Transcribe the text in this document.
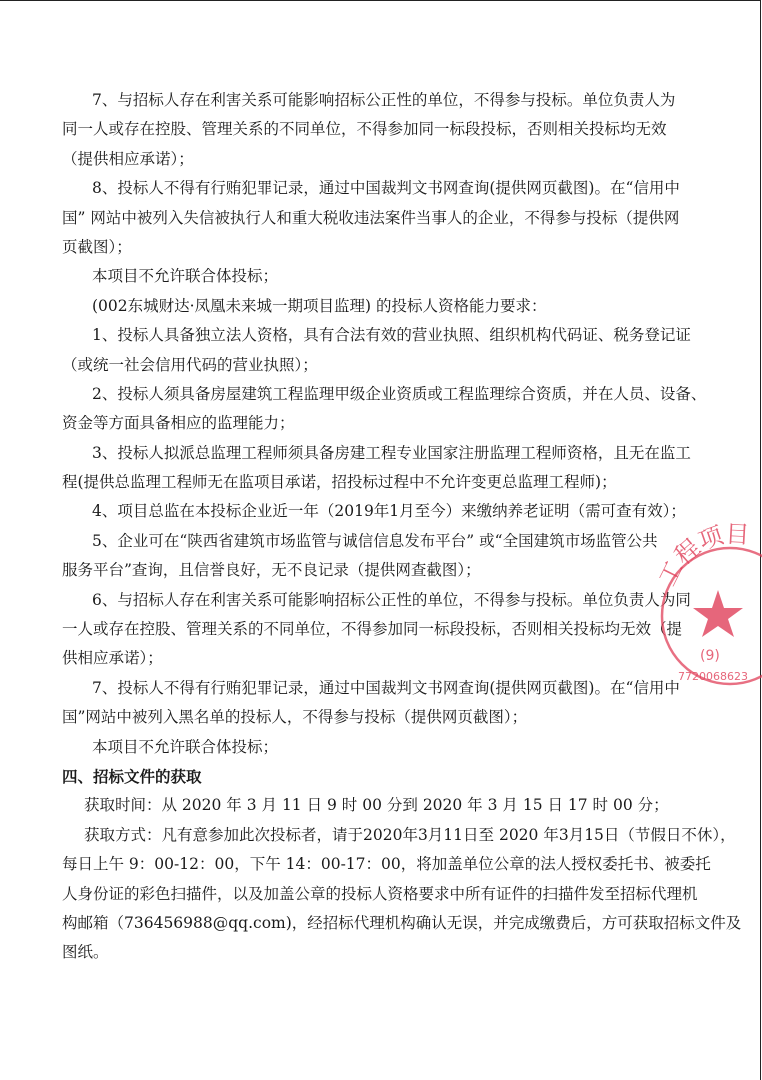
7、与招标人存在利害关系可能影响招标公正性的单位，不得参与投标。单位负责人为
同一人或存在控股、管理关系的不同单位，不得参加同一标段投标，否则相关投标均无效
（提供相应承诺）；
8、投标人不得有行贿犯罪记录，通过中国裁判文书网查询(提供网页截图)。在“信用中
国” 网站中被列入失信被执行人和重大税收违法案件当事人的企业，不得参与投标（提供网
页截图）；
本项目不允许联合体投标；
(002东城财达·凤凰未来城一期项目监理) 的投标人资格能力要求：
1、投标人具备独立法人资格，具有合法有效的营业执照、组织机构代码证、税务登记证
（或统一社会信用代码的营业执照）；
2、投标人须具备房屋建筑工程监理甲级企业资质或工程监理综合资质，并在人员、设备、
资金等方面具备相应的监理能力；
3、投标人拟派总监理工程师须具备房建工程专业国家注册监理工程师资格，且无在监工
程(提供总监理工程师无在监项目承诺，招投标过程中不允许变更总监理工程师)；
4、项目总监在本投标企业近一年（2019年1月至今）来缴纳养老证明（需可查有效）；
5、企业可在“陕西省建筑市场监管与诚信信息发布平台” 或“全国建筑市场监管公共
服务平台”查询，且信誉良好，无不良记录（提供网查截图）；
6、与招标人存在利害关系可能影响招标公正性的单位，不得参与投标。单位负责人为同
一人或存在控股、管理关系的不同单位，不得参加同一标段投标，否则相关投标均无效（提
供相应承诺）；
7、投标人不得有行贿犯罪记录，通过中国裁判文书网查询(提供网页截图)。在“信用中
国”网站中被列入黑名单的投标人，不得参与投标（提供网页截图）；
本项目不允许联合体投标；
四、招标文件的获取
获取时间：从 2020 年 3 月 11 日 9 时 00 分到 2020 年 3 月 15 日 17 时 00 分；
获取方式：凡有意参加此次投标者，请于2020年3月11日至 2020 年3月15日（节假日不休），
每日上午 9：00-12：00，下午 14：00-17：00，将加盖单位公章的法人授权委托书、被委托
人身份证的彩色扫描件，以及加盖公章的投标人资格要求中所有证件的扫描件发至招标代理机
构邮箱（736456988@qq.com)，经招标代理机构确认无误，并完成缴费后，方可获取招标文件及
图纸。
工程项目
(9)
7720068623
